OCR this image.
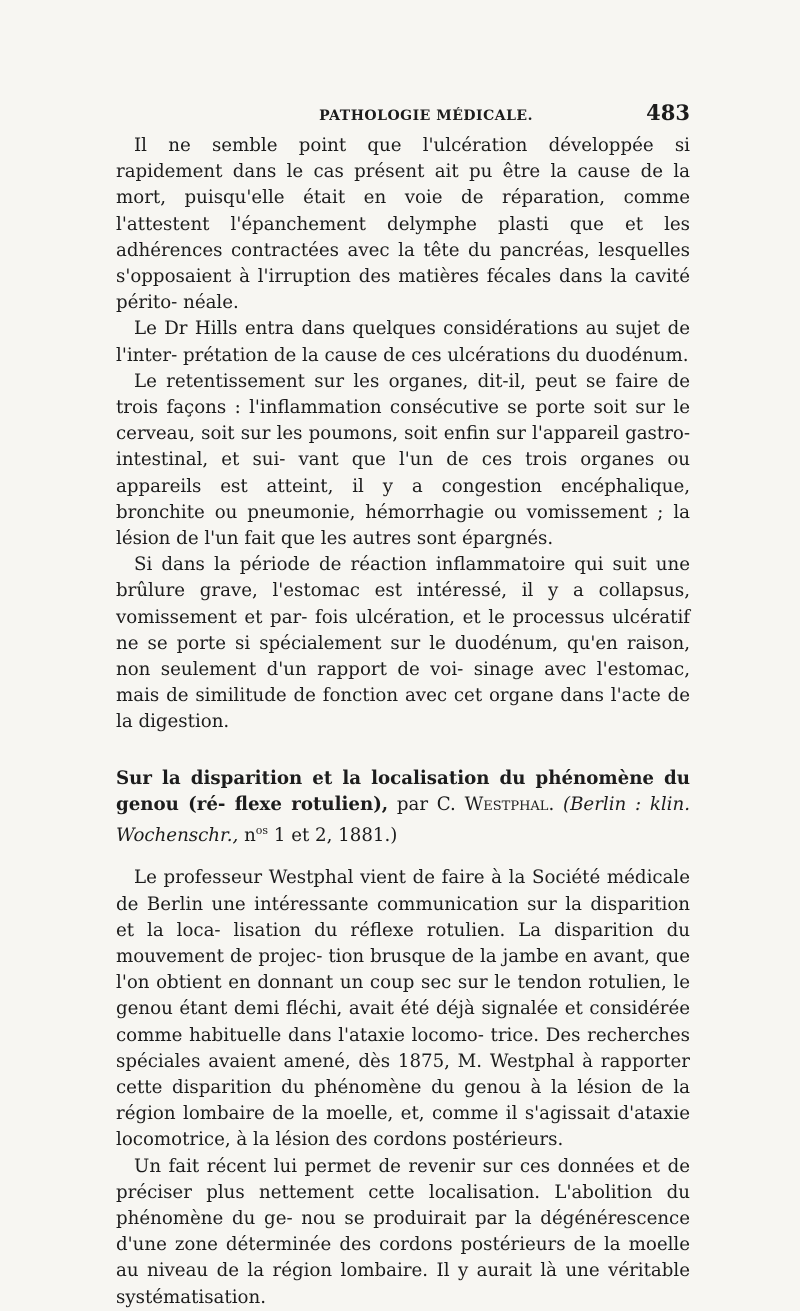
PATHOLOGIE MÉDICALE.	483

Il ne semble point que l'ulcération développée si rapidement dans le cas présent ait pu être la cause de la mort, puisqu'elle était en voie de réparation, comme l'attestent l'épanchement delymphe plasti que et les adhérences contractées avec la tête du pancréas, lesquelles s'opposaient à l'irruption des matières fécales dans la cavité périto- néale.

Le Dr Hills entra dans quelques considérations au sujet de l'inter- prétation de la cause de ces ulcérations du duodénum.

Le retentissement sur les organes, dit-il, peut se faire de trois façons : l'inflammation consécutive se porte soit sur le cerveau, soit sur les poumons, soit enfin sur l'appareil gastro-intestinal, et sui- vant que l'un de ces trois organes ou appareils est atteint, il y a congestion encéphalique, bronchite ou pneumonie, hémorrhagie ou vomissement ; la lésion de l'un fait que les autres sont épargnés.

Si dans la période de réaction inflammatoire qui suit une brûlure grave, l'estomac est intéressé, il y a collapsus, vomissement et par- fois ulcération, et le processus ulcératif ne se porte si spécialement sur le duodénum, qu'en raison, non seulement d'un rapport de voi- sinage avec l'estomac, mais de similitude de fonction avec cet organe dans l'acte de la digestion.

Sur la disparition et la localisation du phénomène du genou (ré- flexe rotulien), par C. Westphal. (Berlin : klin. Wochenschr., $n^{os}$ 1 et 2, 1881.)

Le professeur Westphal vient de faire à la Société médicale de Berlin une intéressante communication sur la disparition et la loca- lisation du réflexe rotulien. La disparition du mouvement de projec- tion brusque de la jambe en avant, que l'on obtient en donnant un coup sec sur le tendon rotulien, le genou étant demi fléchi, avait été déjà signalée et considérée comme habituelle dans l'ataxie locomo- trice. Des recherches spéciales avaient amené, dès 1875, M. Westphal à rapporter cette disparition du phénomène du genou à la lésion de la région lombaire de la moelle, et, comme il s'agissait d'ataxie locomotrice, à la lésion des cordons postérieurs.

Un fait récent lui permet de revenir sur ces données et de préciser plus nettement cette localisation. L'abolition du phénomène du ge- nou se produirait par la dégénérescence d'une zone déterminée des cordons postérieurs de la moelle au niveau de la région lombaire. Il y aurait là une véritable systématisation.
